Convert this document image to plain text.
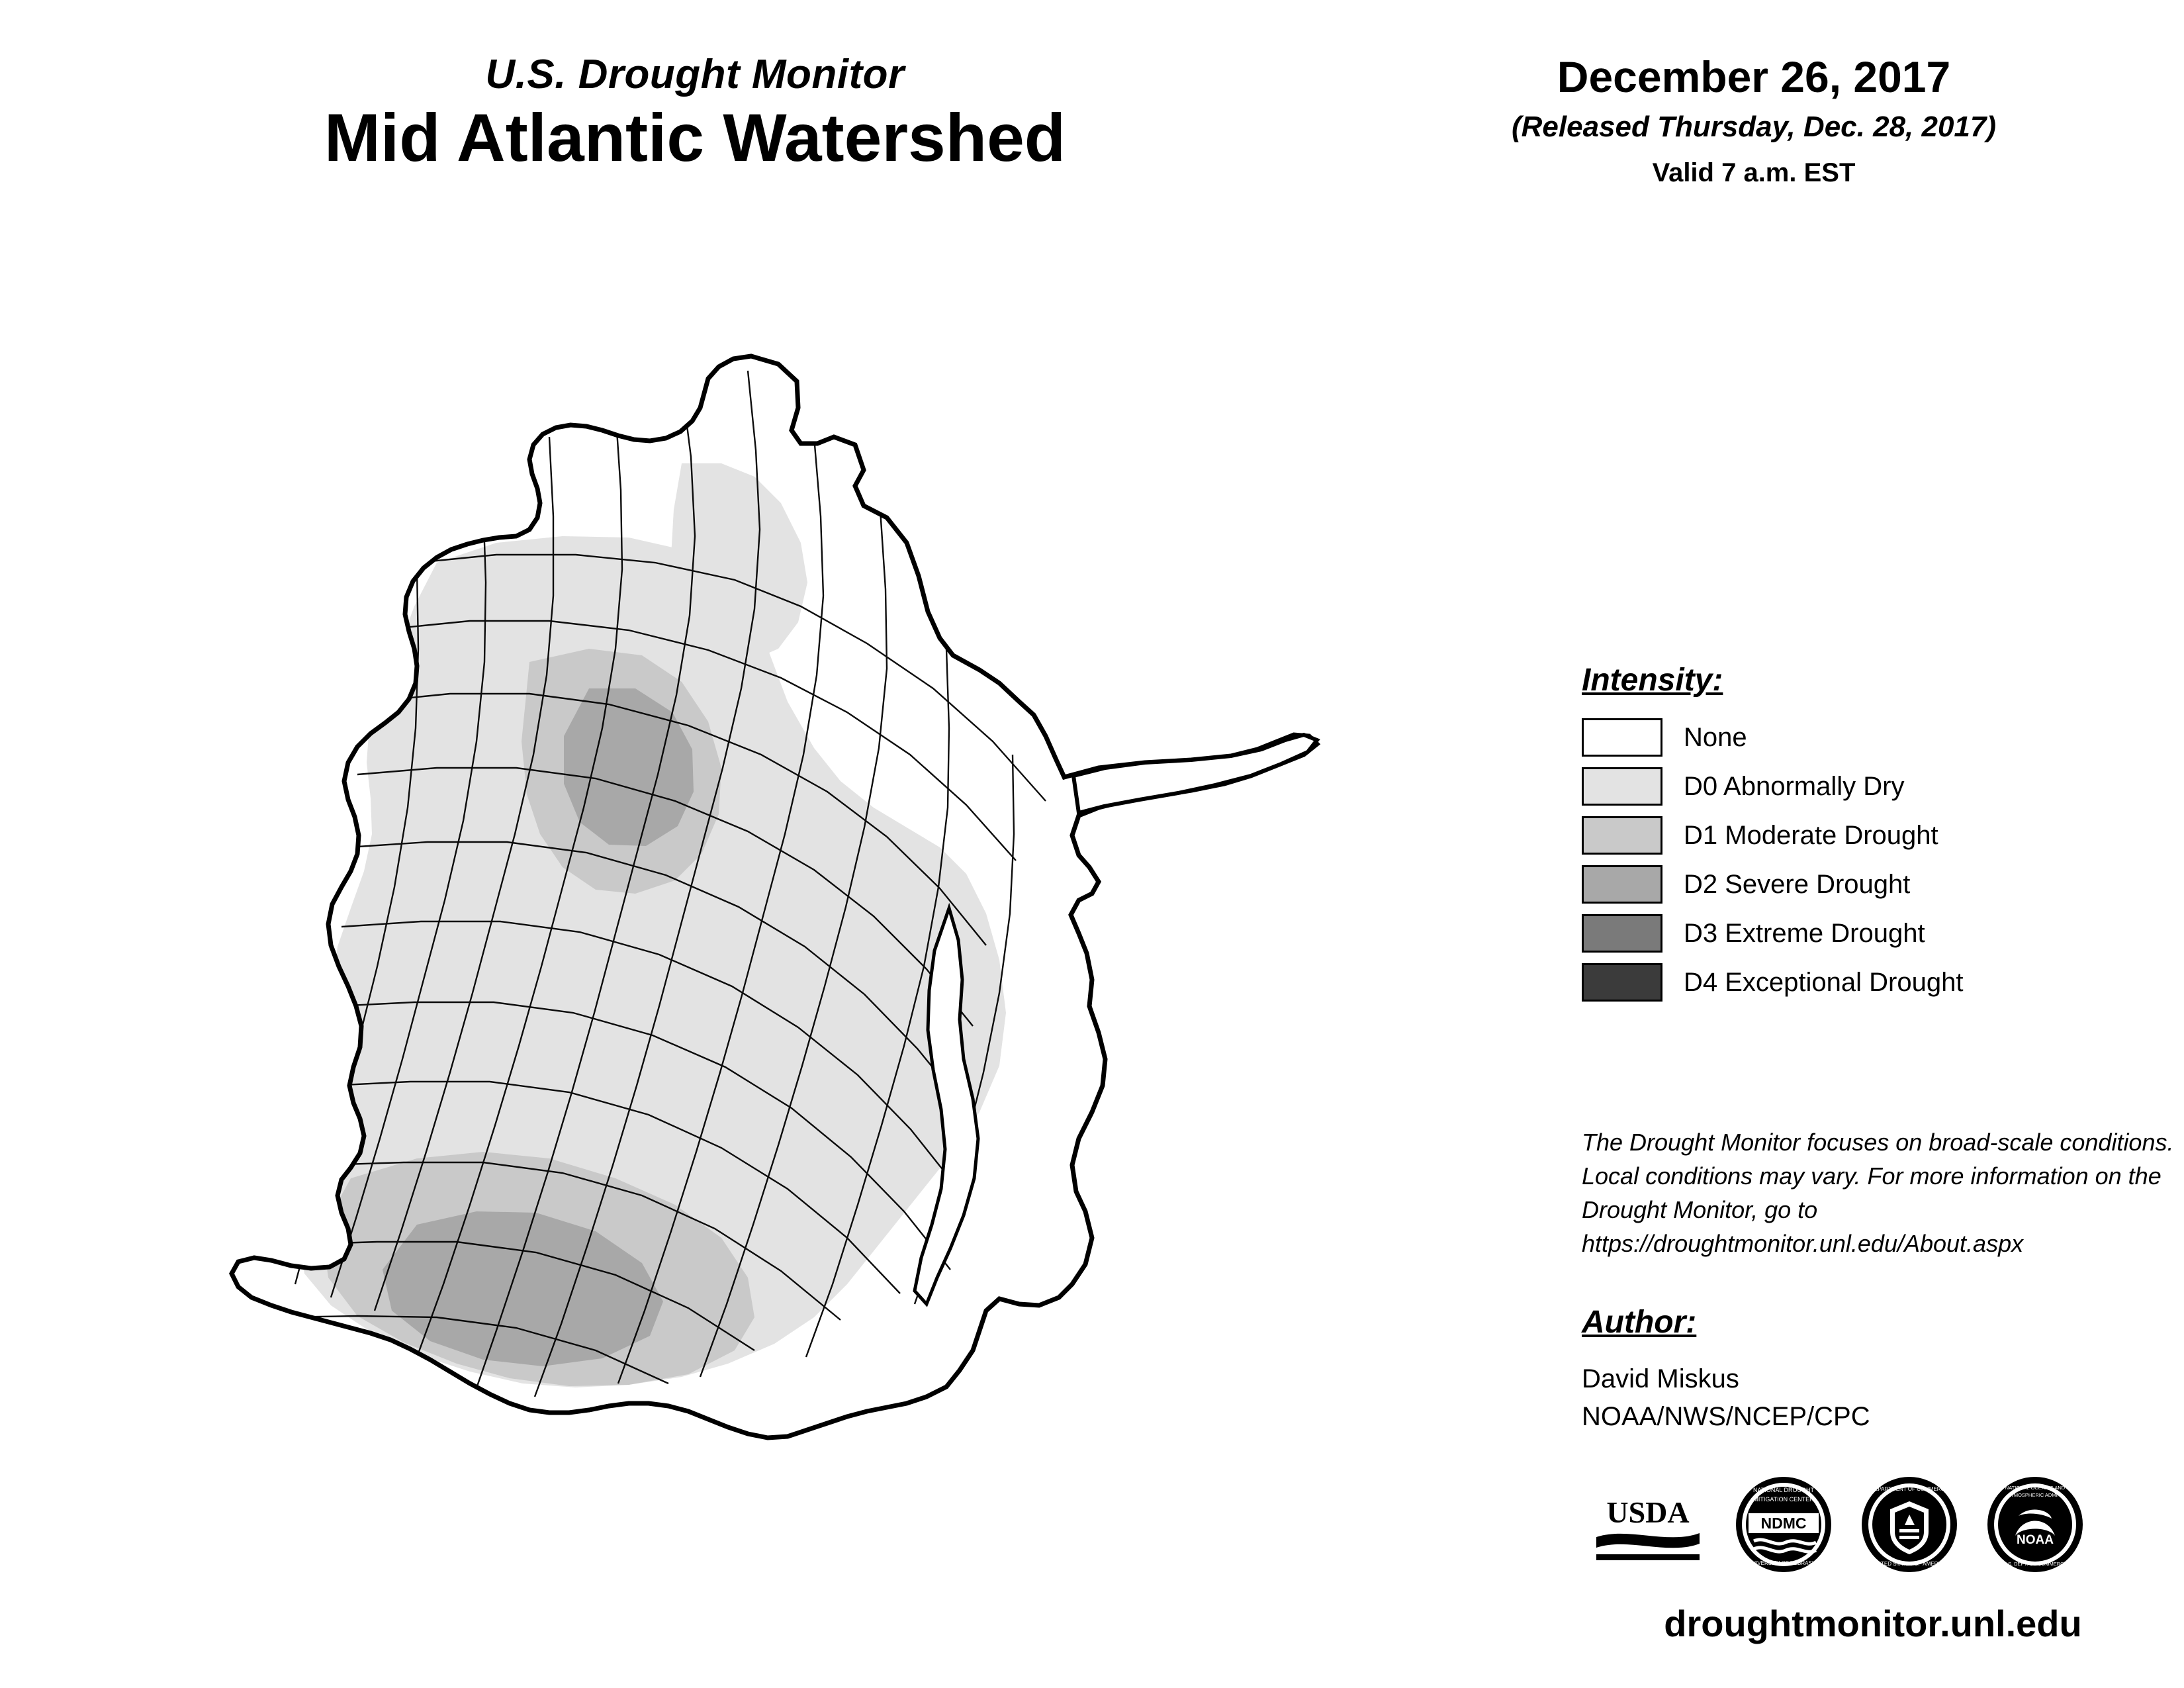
U.S. Drought Monitor
Mid Atlantic Watershed
December 26, 2017
(Released Thursday, Dec. 28, 2017)
Valid 7 a.m. EST
Intensity:
None
D0 Abnormally Dry
D1 Moderate Drought
D2 Severe Drought
D3 Extreme Drought
D4 Exceptional Drought
The Drought Monitor focuses on broad-scale conditions. Local conditions may vary. For more information on the Drought Monitor, go to https://droughtmonitor.unl.edu/About.aspx
Author:
David Miskus
NOAA/NWS/NCEP/CPC
USDA	NDMC
NATIONAL DROUGHT
MITIGATION CENTER
UNIVERSITY OF NEBRASKA
DEPARTMENT OF COMMERCE
UNITED STATES OF AMERICA
NOAA
NATIONAL OCEANIC AND
ATMOSPHERIC ADMIN.
U.S. DEPT. OF COMMERCE
droughtmonitor.unl.edu
